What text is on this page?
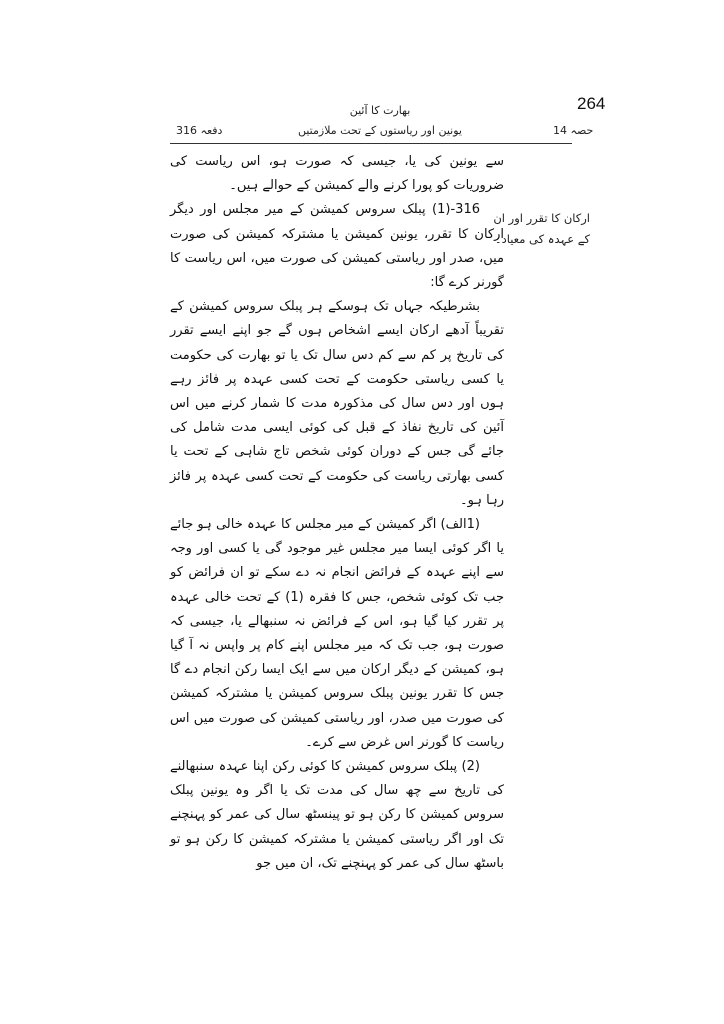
264
بھارت کا آئین
یونین اور ریاستوں کے تحت ملازمتیں	حصہ 14
دفعہ 316
ارکان کا تقرر اور ان کے عہدہ کی معیاد۔

سے یونین کی یا، جیسی کہ صورت ہو، اس ریاست کی ضروریات کو پورا کرنے والے کمیشن کے حوالے ہیں۔

316-(1) پبلک سروس کمیشن کے میر مجلس اور دیگر ارکان کا تقرر، یونین کمیشن یا مشترکہ کمیشن کی صورت میں، صدر اور ریاستی کمیشن کی صورت میں، اس ریاست کا گورنر کرے گا:

بشرطیکہ جہاں تک ہوسکے ہر پبلک سروس کمیشن کے تقریباً آدھے ارکان ایسے اشخاص ہوں گے جو اپنے ایسے تقرر کی تاریخ پر کم سے کم دس سال تک یا تو بھارت کی حکومت یا کسی ریاستی حکومت کے تحت کسی عہدہ پر فائز رہے ہوں اور دس سال کی مذکورہ مدت کا شمار کرنے میں اس آئین کی تاریخ نفاذ کے قبل کی کوئی ایسی مدت شامل کی جائے گی جس کے دوران کوئی شخص تاج شاہی کے تحت یا کسی بھارتی ریاست کی حکومت کے تحت کسی عہدہ پر فائز رہا ہو۔

(1الف) اگر کمیشن کے میر مجلس کا عہدہ خالی ہو جائے یا اگر کوئی ایسا میر مجلس غیر موجود گی یا کسی اور وجہ سے اپنے عہدہ کے فرائض انجام نہ دے سکے تو ان فرائض کو جب تک کوئی شخص، جس کا فقرہ (1) کے تحت خالی عہدہ پر تقرر کیا گیا ہو، اس کے فرائض نہ سنبھالے یا، جیسی کہ صورت ہو، جب تک کہ میر مجلس اپنے کام پر واپس نہ آ گیا ہو، کمیشن کے دیگر ارکان میں سے ایک ایسا رکن انجام دے گا جس کا تقرر یونین پبلک سروس کمیشن یا مشترکہ کمیشن کی صورت میں صدر، اور ریاستی کمیشن کی صورت میں اس ریاست کا گورنر اس غرض سے کرے۔

(2) پبلک سروس کمیشن کا کوئی رکن اپنا عہدہ سنبھالنے کی تاریخ سے چھ سال کی مدت تک یا اگر وہ یونین پبلک سروس کمیشن کا رکن ہو تو پینسٹھ سال کی عمر کو پہنچنے تک اور اگر ریاستی کمیشن یا مشترکہ کمیشن کا رکن ہو تو باسٹھ سال کی عمر کو پہنچنے تک، ان میں جو
